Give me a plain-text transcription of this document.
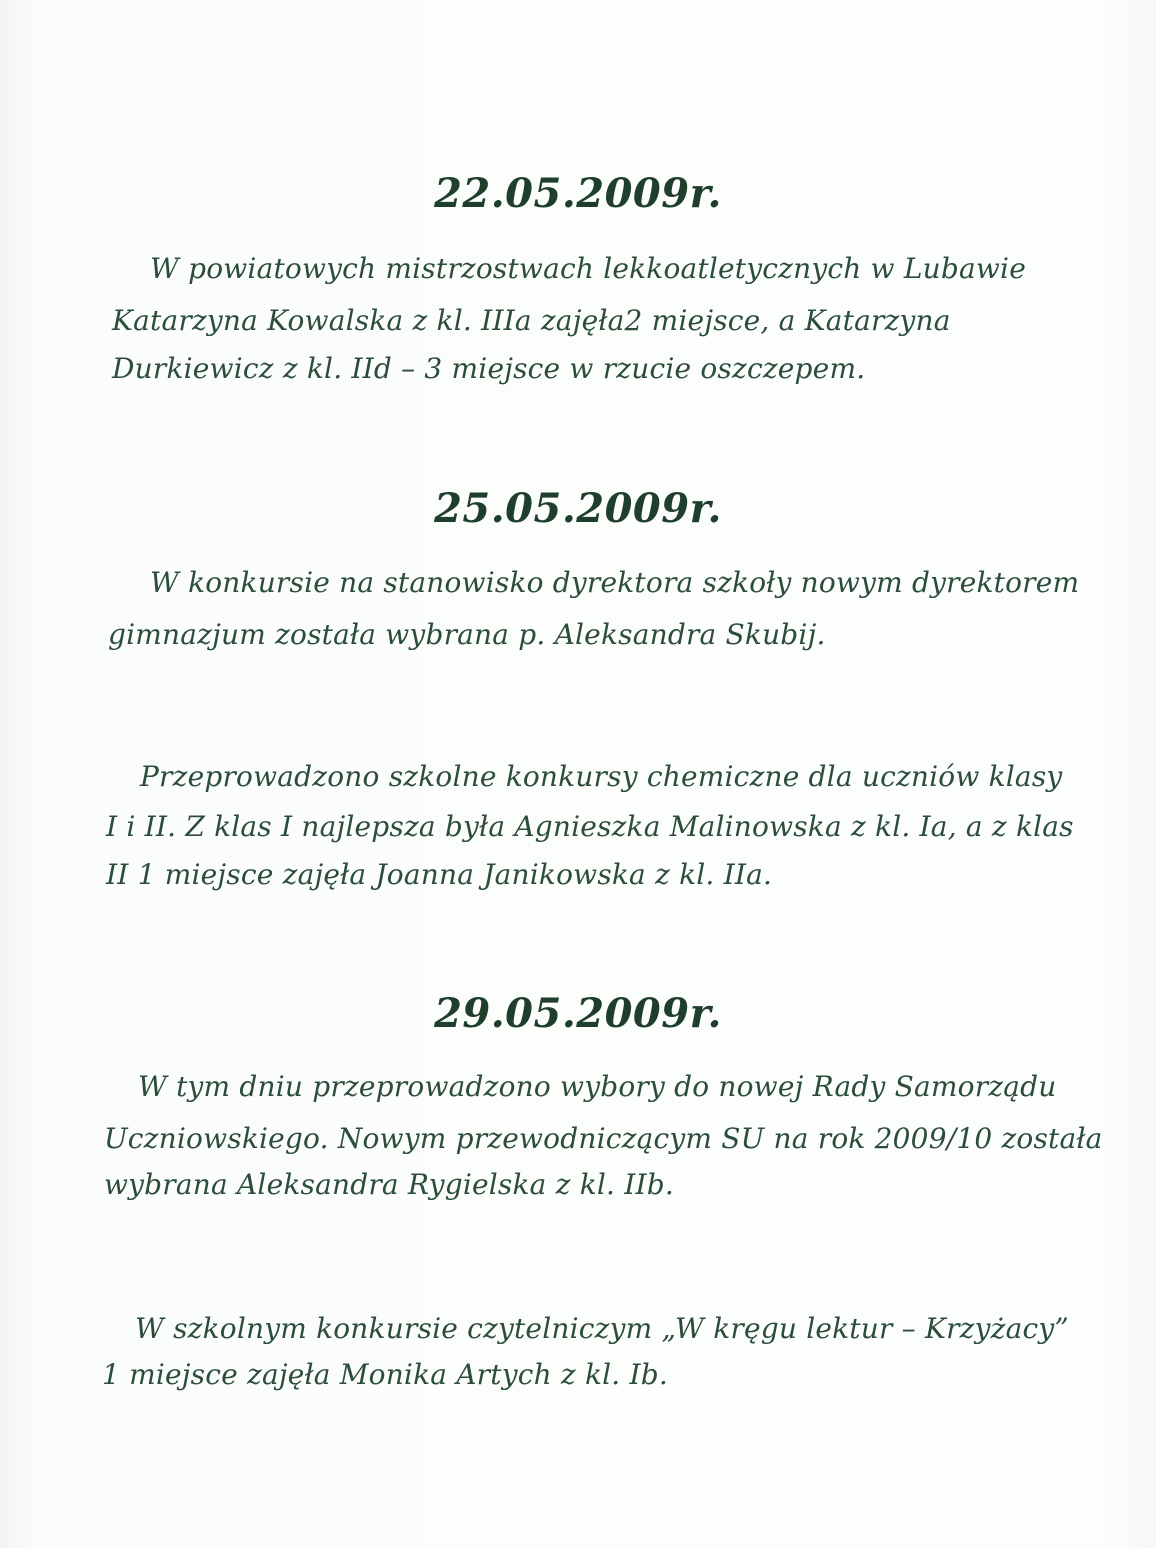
22.05.2009r.

W powiatowych mistrzostwach lekkoatletycznych w Lubawie

Katarzyna Kowalska z kl. IIIa zajęła2 miejsce, a Katarzyna

Durkiewicz z kl. IId – 3 miejsce w rzucie oszczepem.

25.05.2009r.

W konkursie na stanowisko dyrektora szkoły nowym dyrektorem

gimnazjum została wybrana p. Aleksandra Skubij.

Przeprowadzono szkolne konkursy chemiczne dla uczniów klasy

I i II. Z klas I najlepsza była Agnieszka Malinowska z kl. Ia, a z klas

II 1 miejsce zajęła Joanna Janikowska z kl. IIa.

29.05.2009r.

W tym dniu przeprowadzono wybory do nowej Rady Samorządu

Uczniowskiego. Nowym przewodniczącym SU na rok 2009/10 została

wybrana Aleksandra Rygielska z kl. IIb.

W szkolnym konkursie czytelniczym „W kręgu lektur – Krzyżacy”

1 miejsce zajęła Monika Artych z kl. Ib.
